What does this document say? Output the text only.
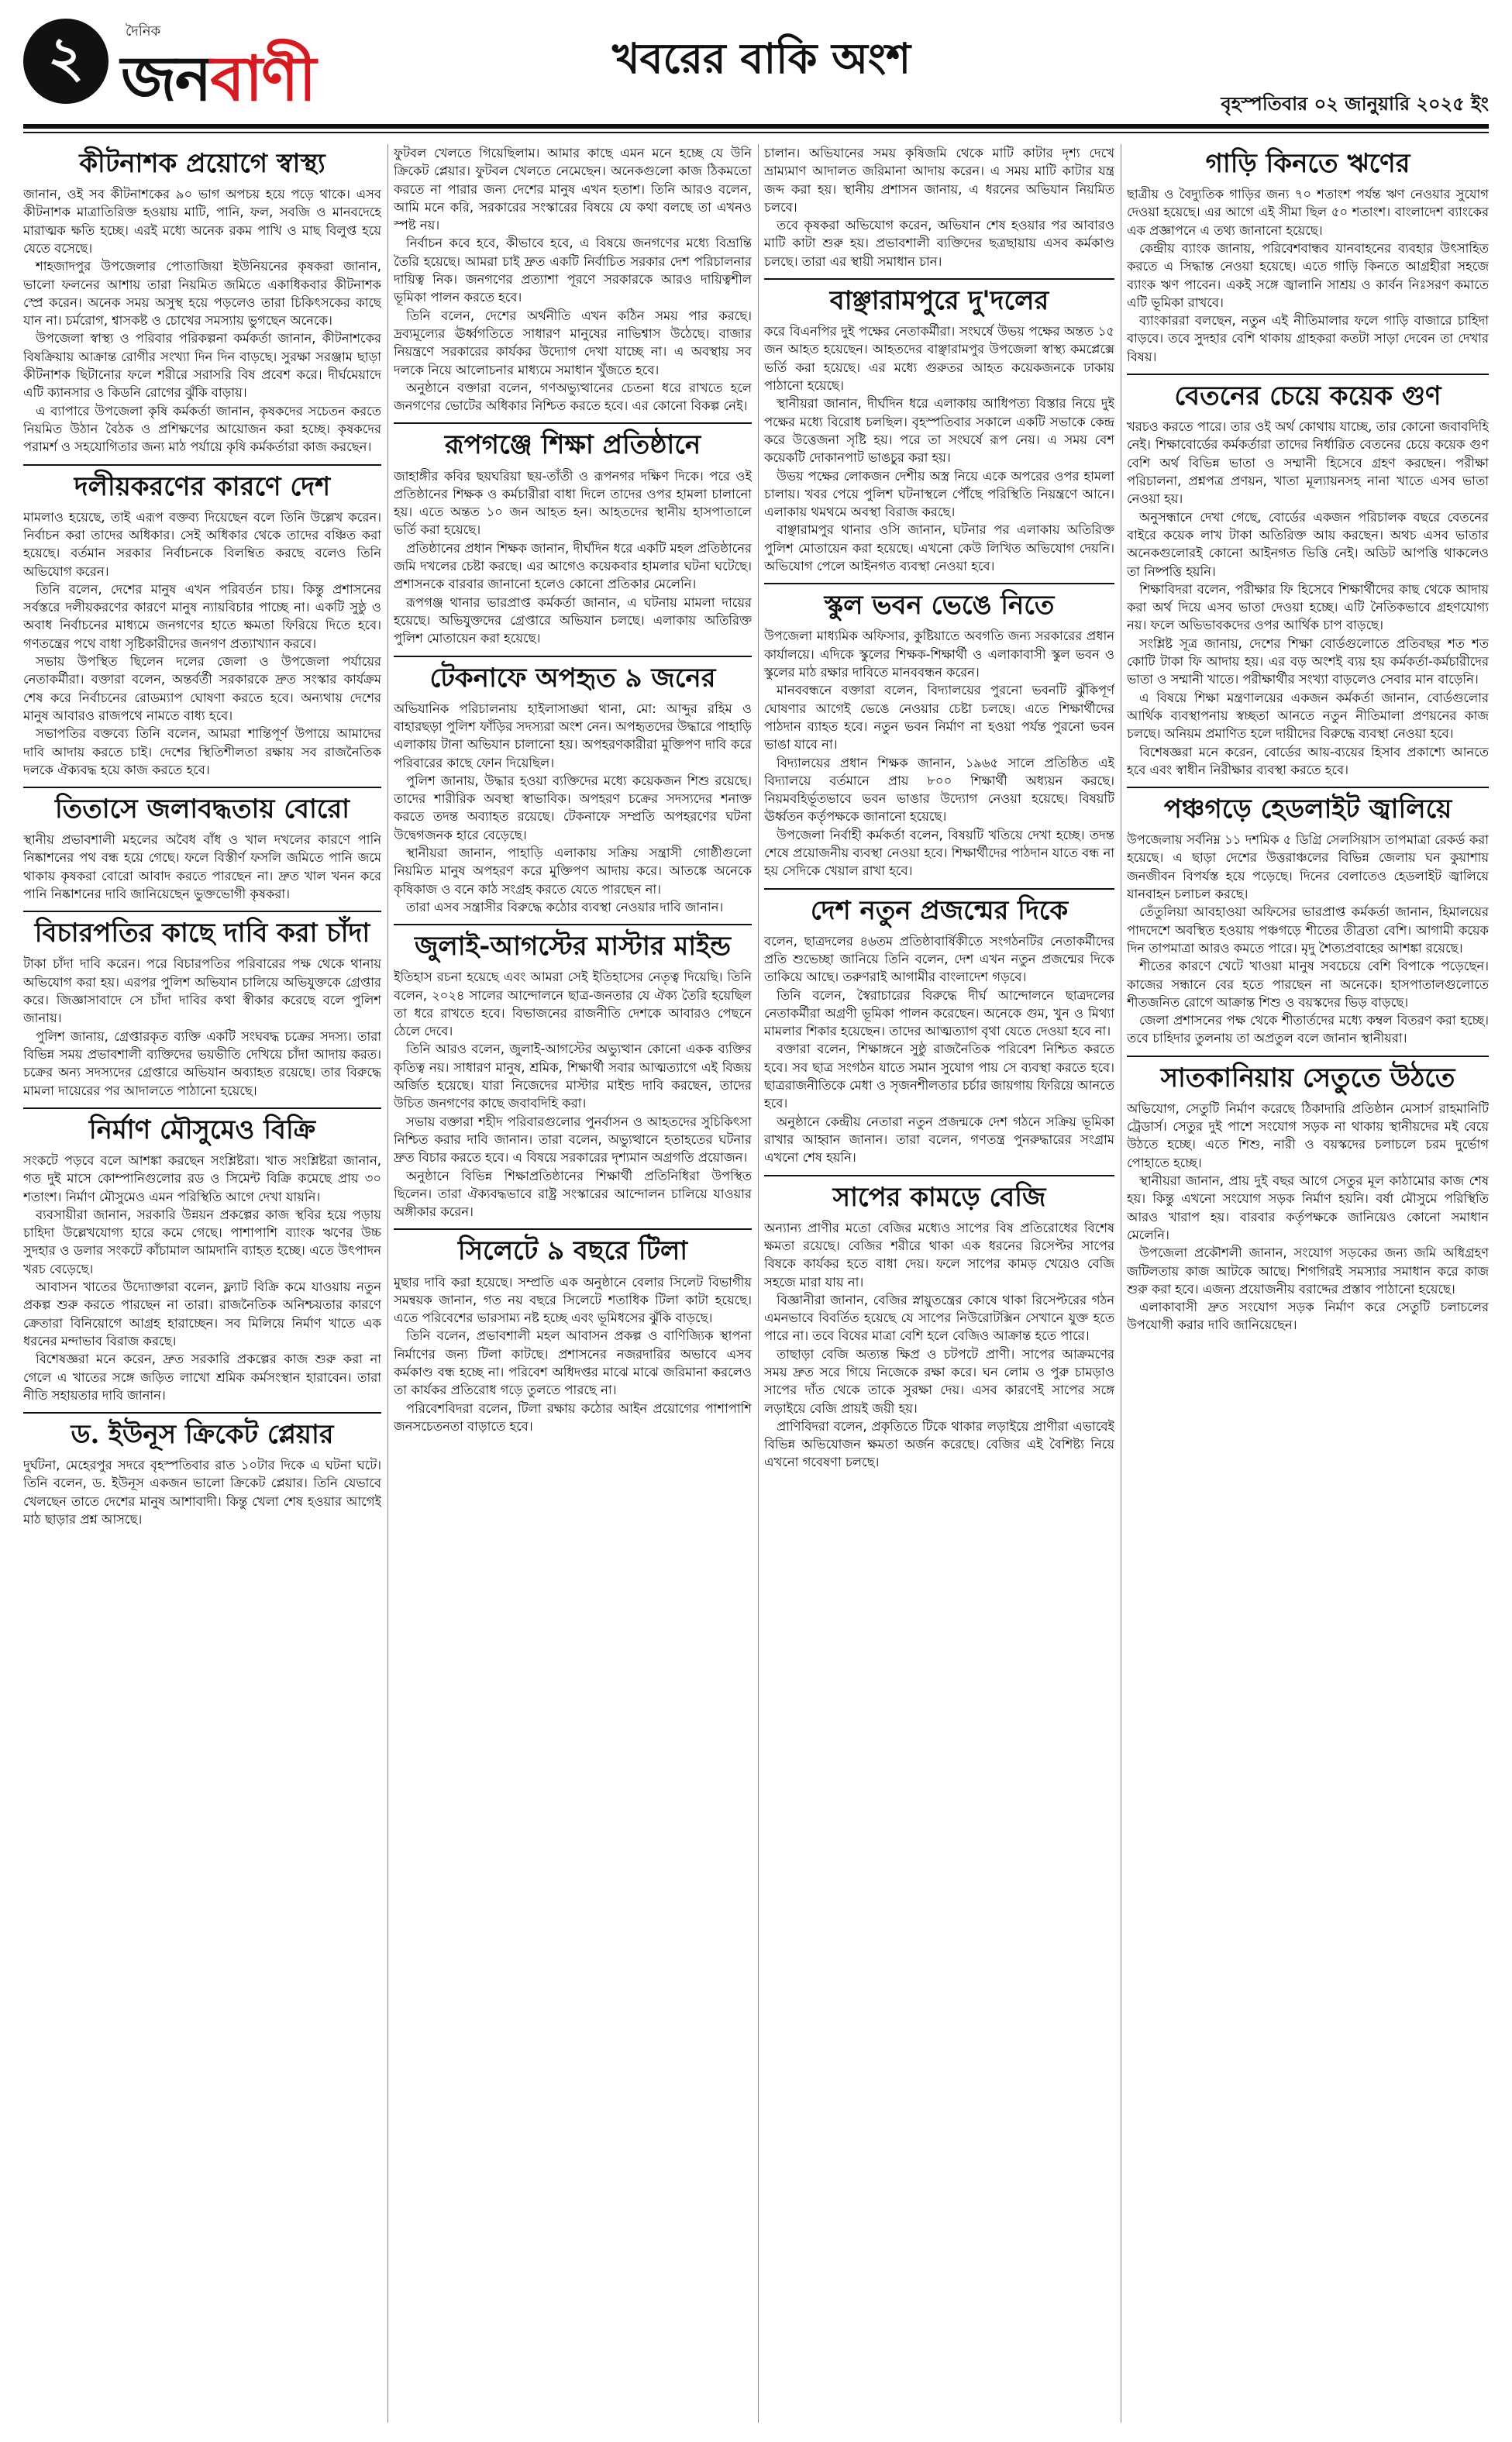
২	দৈনিক
জনবাণী	খবরের বাকি অংশ
বৃহস্পতিবার ০২ জানুয়ারি ২০২৫ ইং
কীটনাশক প্রয়োগে স্বাস্থ্য

জানান, ওই সব কীটনাশকের ৯০ ভাগ অপচয় হয়ে পড়ে থাকে। এসব কীটনাশক মাত্রাতিরিক্ত হওয়ায় মাটি, পানি, ফল, সবজি ও মানবদেহে মারাত্মক ক্ষতি হচ্ছে। এরই মধ্যে অনেক রকম পাখি ও মাছ বিলুপ্ত হয়ে যেতে বসেছে।

শাহজাদপুর উপজেলার পোতাজিয়া ইউনিয়নের কৃষকরা জানান, ভালো ফলনের আশায় তারা নিয়মিত জমিতে একাধিকবার কীটনাশক স্প্রে করেন। অনেক সময় অসুস্থ হয়ে পড়লেও তারা চিকিৎসকের কাছে যান না। চর্মরোগ, শ্বাসকষ্ট ও চোখের সমস্যায় ভুগছেন অনেকে।

উপজেলা স্বাস্থ্য ও পরিবার পরিকল্পনা কর্মকর্তা জানান, কীটনাশকের বিষক্রিয়ায় আক্রান্ত রোগীর সংখ্যা দিন দিন বাড়ছে। সুরক্ষা সরঞ্জাম ছাড়া কীটনাশক ছিটানোর ফলে শরীরে সরাসরি বিষ প্রবেশ করে। দীর্ঘমেয়াদে এটি ক্যানসার ও কিডনি রোগের ঝুঁকি বাড়ায়।

এ ব্যাপারে উপজেলা কৃষি কর্মকর্তা জানান, কৃষকদের সচেতন করতে নিয়মিত উঠান বৈঠক ও প্রশিক্ষণের আয়োজন করা হচ্ছে। কৃষকদের পরামর্শ ও সহযোগিতার জন্য মাঠ পর্যায়ে কৃষি কর্মকর্তারা কাজ করছেন।

দলীয়করণের কারণে দেশ

মামলাও হয়েছে, তাই এরূপ বক্তব্য দিয়েছেন বলে তিনি উল্লেখ করেন। নির্বাচন করা তাদের অধিকার। সেই অধিকার থেকে তাদের বঞ্চিত করা হয়েছে। বর্তমান সরকার নির্বাচনকে বিলম্বিত করছে বলেও তিনি অভিযোগ করেন।

তিনি বলেন, দেশের মানুষ এখন পরিবর্তন চায়। কিন্তু প্রশাসনের সর্বস্তরে দলীয়করণের কারণে মানুষ ন্যায়বিচার পাচ্ছে না। একটি সুষ্ঠু ও অবাধ নির্বাচনের মাধ্যমে জনগণের হাতে ক্ষমতা ফিরিয়ে দিতে হবে। গণতন্ত্রের পথে বাধা সৃষ্টিকারীদের জনগণ প্রত্যাখ্যান করবে।

সভায় উপস্থিত ছিলেন দলের জেলা ও উপজেলা পর্যায়ের নেতাকর্মীরা। বক্তারা বলেন, অন্তর্বর্তী সরকারকে দ্রুত সংস্কার কার্যক্রম শেষ করে নির্বাচনের রোডম্যাপ ঘোষণা করতে হবে। অন্যথায় দেশের মানুষ আবারও রাজপথে নামতে বাধ্য হবে।

সভাপতির বক্তব্যে তিনি বলেন, আমরা শান্তিপূর্ণ উপায়ে আমাদের দাবি আদায় করতে চাই। দেশের স্থিতিশীলতা রক্ষায় সব রাজনৈতিক দলকে ঐক্যবদ্ধ হয়ে কাজ করতে হবে।

তিতাসে জলাবদ্ধতায় বোরো

স্থানীয় প্রভাবশালী মহলের অবৈধ বাঁধ ও খাল দখলের কারণে পানি নিষ্কাশনের পথ বন্ধ হয়ে গেছে। ফলে বিস্তীর্ণ ফসলি জমিতে পানি জমে থাকায় কৃষকরা বোরো আবাদ করতে পারছেন না। দ্রুত খাল খনন করে পানি নিষ্কাশনের দাবি জানিয়েছেন ভুক্তভোগী কৃষকরা।

বিচারপতির কাছে দাবি করা চাঁদা

টাকা চাঁদা দাবি করেন। পরে বিচারপতির পরিবারের পক্ষ থেকে থানায় অভিযোগ করা হয়। এরপর পুলিশ অভিযান চালিয়ে অভিযুক্তকে গ্রেপ্তার করে। জিজ্ঞাসাবাদে সে চাঁদা দাবির কথা স্বীকার করেছে বলে পুলিশ জানায়।

পুলিশ জানায়, গ্রেপ্তারকৃত ব্যক্তি একটি সংঘবদ্ধ চক্রের সদস্য। তারা বিভিন্ন সময় প্রভাবশালী ব্যক্তিদের ভয়ভীতি দেখিয়ে চাঁদা আদায় করত। চক্রের অন্য সদস্যদের গ্রেপ্তারে অভিযান অব্যাহত রয়েছে। তার বিরুদ্ধে মামলা দায়েরের পর আদালতে পাঠানো হয়েছে।

নির্মাণ মৌসুমেও বিক্রি

সংকটে পড়বে বলে আশঙ্কা করছেন সংশ্লিষ্টরা। খাত সংশ্লিষ্টরা জানান, গত দুই মাসে কোম্পানিগুলোর রড ও সিমেন্ট বিক্রি কমেছে প্রায় ৩০ শতাংশ। নির্মাণ মৌসুমেও এমন পরিস্থিতি আগে দেখা যায়নি।

ব্যবসায়ীরা জানান, সরকারি উন্নয়ন প্রকল্পের কাজ স্থবির হয়ে পড়ায় চাহিদা উল্লেখযোগ্য হারে কমে গেছে। পাশাপাশি ব্যাংক ঋণের উচ্চ সুদহার ও ডলার সংকটে কাঁচামাল আমদানি ব্যাহত হচ্ছে। এতে উৎপাদন খরচ বেড়েছে।

আবাসন খাতের উদ্যোক্তারা বলেন, ফ্ল্যাট বিক্রি কমে যাওয়ায় নতুন প্রকল্প শুরু করতে পারছেন না তারা। রাজনৈতিক অনিশ্চয়তার কারণে ক্রেতারা বিনিয়োগে আগ্রহ হারাচ্ছেন। সব মিলিয়ে নির্মাণ খাতে এক ধরনের মন্দাভাব বিরাজ করছে।

বিশেষজ্ঞরা মনে করেন, দ্রুত সরকারি প্রকল্পের কাজ শুরু করা না গেলে এ খাতের সঙ্গে জড়িত লাখো শ্রমিক কর্মসংস্থান হারাবেন। তারা নীতি সহায়তার দাবি জানান।

ড. ইউনূস ক্রিকেট প্লেয়ার

দুর্ঘটনা, মেহেরপুর সদরে বৃহস্পতিবার রাত ১০টার দিকে এ ঘটনা ঘটে। তিনি বলেন, ড. ইউনূস একজন ভালো ক্রিকেট প্লেয়ার। তিনি যেভাবে খেলছেন তাতে দেশের মানুষ আশাবাদী। কিন্তু খেলা শেষ হওয়ার আগেই মাঠ ছাড়ার প্রশ্ন আসছে।

ফুটবল খেলতে গিয়েছিলাম। আমার কাছে এমন মনে হচ্ছে যে উনি ক্রিকেট প্লেয়ার। ফুটবল খেলতে নেমেছেন। অনেকগুলো কাজ ঠিকমতো করতে না পারার জন্য দেশের মানুষ এখন হতাশ। তিনি আরও বলেন, আমি মনে করি, সরকারের সংস্কারের বিষয়ে যে কথা বলছে তা এখনও স্পষ্ট নয়।

নির্বাচন কবে হবে, কীভাবে হবে, এ বিষয়ে জনগণের মধ্যে বিভ্রান্তি তৈরি হয়েছে। আমরা চাই দ্রুত একটি নির্বাচিত সরকার দেশ পরিচালনার দায়িত্ব নিক। জনগণের প্রত্যাশা পূরণে সরকারকে আরও দায়িত্বশীল ভূমিকা পালন করতে হবে।

তিনি বলেন, দেশের অর্থনীতি এখন কঠিন সময় পার করছে। দ্রব্যমূল্যের ঊর্ধ্বগতিতে সাধারণ মানুষের নাভিশ্বাস উঠেছে। বাজার নিয়ন্ত্রণে সরকারের কার্যকর উদ্যোগ দেখা যাচ্ছে না। এ অবস্থায় সব দলকে নিয়ে আলোচনার মাধ্যমে সমাধান খুঁজতে হবে।

অনুষ্ঠানে বক্তারা বলেন, গণঅভ্যুত্থানের চেতনা ধরে রাখতে হলে জনগণের ভোটের অধিকার নিশ্চিত করতে হবে। এর কোনো বিকল্প নেই।

রূপগঞ্জে শিক্ষা প্রতিষ্ঠানে

জাহাঙ্গীর কবির ছয়ঘরিয়া ছয়-তাঁতী ও রূপনগর দক্ষিণ দিকে। পরে ওই প্রতিষ্ঠানের শিক্ষক ও কর্মচারীরা বাধা দিলে তাদের ওপর হামলা চালানো হয়। এতে অন্তত ১০ জন আহত হন। আহতদের স্থানীয় হাসপাতালে ভর্তি করা হয়েছে।

প্রতিষ্ঠানের প্রধান শিক্ষক জানান, দীর্ঘদিন ধরে একটি মহল প্রতিষ্ঠানের জমি দখলের চেষ্টা করছে। এর আগেও কয়েকবার হামলার ঘটনা ঘটেছে। প্রশাসনকে বারবার জানানো হলেও কোনো প্রতিকার মেলেনি।

রূপগঞ্জ থানার ভারপ্রাপ্ত কর্মকর্তা জানান, এ ঘটনায় মামলা দায়ের হয়েছে। অভিযুক্তদের গ্রেপ্তারে অভিযান চলছে। এলাকায় অতিরিক্ত পুলিশ মোতায়েন করা হয়েছে।

টেকনাফে অপহৃত ৯ জনের

অভিযানিক পরিচালনায় হাইলাসাঙ্ঘা থানা, মো: আব্দুর রহিম ও বাহারছড়া পুলিশ ফাঁড়ির সদস্যরা অংশ নেন। অপহৃতদের উদ্ধারে পাহাড়ি এলাকায় টানা অভিযান চালানো হয়। অপহরণকারীরা মুক্তিপণ দাবি করে পরিবারের কাছে ফোন দিয়েছিল।

পুলিশ জানায়, উদ্ধার হওয়া ব্যক্তিদের মধ্যে কয়েকজন শিশু রয়েছে। তাদের শারীরিক অবস্থা স্বাভাবিক। অপহরণ চক্রের সদস্যদের শনাক্ত করতে তদন্ত অব্যাহত রয়েছে। টেকনাফে সম্প্রতি অপহরণের ঘটনা উদ্বেগজনক হারে বেড়েছে।

স্থানীয়রা জানান, পাহাড়ি এলাকায় সক্রিয় সন্ত্রাসী গোষ্ঠীগুলো নিয়মিত মানুষ অপহরণ করে মুক্তিপণ আদায় করে। আতঙ্কে অনেকে কৃষিকাজ ও বনে কাঠ সংগ্রহ করতে যেতে পারছেন না।

তারা এসব সন্ত্রাসীর বিরুদ্ধে কঠোর ব্যবস্থা নেওয়ার দাবি জানান।

জুলাই-আগস্টের মাস্টার মাইন্ড

ইতিহাস রচনা হয়েছে এবং আমরা সেই ইতিহাসের নেতৃত্ব দিয়েছি। তিনি বলেন, ২০২৪ সালের আন্দোলনে ছাত্র-জনতার যে ঐক্য তৈরি হয়েছিল তা ধরে রাখতে হবে। বিভাজনের রাজনীতি দেশকে আবারও পেছনে ঠেলে দেবে।

তিনি আরও বলেন, জুলাই-আগস্টের অভ্যুত্থান কোনো একক ব্যক্তির কৃতিত্ব নয়। সাধারণ মানুষ, শ্রমিক, শিক্ষার্থী সবার আত্মত্যাগে এই বিজয় অর্জিত হয়েছে। যারা নিজেদের মাস্টার মাইন্ড দাবি করছেন, তাদের উচিত জনগণের কাছে জবাবদিহি করা।

সভায় বক্তারা শহীদ পরিবারগুলোর পুনর্বাসন ও আহতদের সুচিকিৎসা নিশ্চিত করার দাবি জানান। তারা বলেন, অভ্যুত্থানে হতাহতের ঘটনার দ্রুত বিচার করতে হবে। এ বিষয়ে সরকারের দৃশ্যমান অগ্রগতি প্রয়োজন।

অনুষ্ঠানে বিভিন্ন শিক্ষাপ্রতিষ্ঠানের শিক্ষার্থী প্রতিনিধিরা উপস্থিত ছিলেন। তারা ঐক্যবদ্ধভাবে রাষ্ট্র সংস্কারের আন্দোলন চালিয়ে যাওয়ার অঙ্গীকার করেন।

সিলেটে ৯ বছরে টিলা

মুছার দাবি করা হয়েছে। সম্প্রতি এক অনুষ্ঠানে বেলার সিলেট বিভাগীয় সমন্বয়ক জানান, গত নয় বছরে সিলেটে শতাধিক টিলা কাটা হয়েছে। এতে পরিবেশের ভারসাম্য নষ্ট হচ্ছে এবং ভূমিধসের ঝুঁকি বাড়ছে।

তিনি বলেন, প্রভাবশালী মহল আবাসন প্রকল্প ও বাণিজ্যিক স্থাপনা নির্মাণের জন্য টিলা কাটছে। প্রশাসনের নজরদারির অভাবে এসব কর্মকাণ্ড বন্ধ হচ্ছে না। পরিবেশ অধিদপ্তর মাঝে মাঝে জরিমানা করলেও তা কার্যকর প্রতিরোধ গড়ে তুলতে পারছে না।

পরিবেশবিদরা বলেন, টিলা রক্ষায় কঠোর আইন প্রয়োগের পাশাপাশি জনসচেতনতা বাড়াতে হবে।

চালান। অভিযানের সময় কৃষিজমি থেকে মাটি কাটার দৃশ্য দেখে ভ্রাম্যমাণ আদালত জরিমানা আদায় করেন। এ সময় মাটি কাটার যন্ত্র জব্দ করা হয়। স্থানীয় প্রশাসন জানায়, এ ধরনের অভিযান নিয়মিত চলবে।

তবে কৃষকরা অভিযোগ করেন, অভিযান শেষ হওয়ার পর আবারও মাটি কাটা শুরু হয়। প্রভাবশালী ব্যক্তিদের ছত্রছায়ায় এসব কর্মকাণ্ড চলছে। তারা এর স্থায়ী সমাধান চান।

বাঞ্ছারামপুরে দু'দলের

করে বিএনপির দুই পক্ষের নেতাকর্মীরা। সংঘর্ষে উভয় পক্ষের অন্তত ১৫ জন আহত হয়েছেন। আহতদের বাঞ্ছারামপুর উপজেলা স্বাস্থ্য কমপ্লেক্সে ভর্তি করা হয়েছে। এর মধ্যে গুরুতর আহত কয়েকজনকে ঢাকায় পাঠানো হয়েছে।

স্থানীয়রা জানান, দীর্ঘদিন ধরে এলাকায় আধিপত্য বিস্তার নিয়ে দুই পক্ষের মধ্যে বিরোধ চলছিল। বৃহস্পতিবার সকালে একটি সভাকে কেন্দ্র করে উত্তেজনা সৃষ্টি হয়। পরে তা সংঘর্ষে রূপ নেয়। এ সময় বেশ কয়েকটি দোকানপাট ভাঙচুর করা হয়।

উভয় পক্ষের লোকজন দেশীয় অস্ত্র নিয়ে একে অপরের ওপর হামলা চালায়। খবর পেয়ে পুলিশ ঘটনাস্থলে পৌঁছে পরিস্থিতি নিয়ন্ত্রণে আনে। এলাকায় থমথমে অবস্থা বিরাজ করছে।

বাঞ্ছারামপুর থানার ওসি জানান, ঘটনার পর এলাকায় অতিরিক্ত পুলিশ মোতায়েন করা হয়েছে। এখনো কেউ লিখিত অভিযোগ দেয়নি। অভিযোগ পেলে আইনগত ব্যবস্থা নেওয়া হবে।

স্কুল ভবন ভেঙে নিতে

উপজেলা মাধ্যমিক অফিসার, কুষ্টিয়াতে অবগতি জন্য সরকারের প্রধান কার্যালয়ে। এদিকে স্কুলের শিক্ষক-শিক্ষার্থী ও এলাকাবাসী স্কুল ভবন ও স্কুলের মাঠ রক্ষার দাবিতে মানববন্ধন করেন।

মানববন্ধনে বক্তারা বলেন, বিদ্যালয়ের পুরনো ভবনটি ঝুঁকিপূর্ণ ঘোষণার আগেই ভেঙে নেওয়ার চেষ্টা চলছে। এতে শিক্ষার্থীদের পাঠদান ব্যাহত হবে। নতুন ভবন নির্মাণ না হওয়া পর্যন্ত পুরনো ভবন ভাঙা যাবে না।

বিদ্যালয়ের প্রধান শিক্ষক জানান, ১৯৬৫ সালে প্রতিষ্ঠিত এই বিদ্যালয়ে বর্তমানে প্রায় ৮০০ শিক্ষার্থী অধ্যয়ন করছে। নিয়মবহির্ভূতভাবে ভবন ভাঙার উদ্যোগ নেওয়া হয়েছে। বিষয়টি ঊর্ধ্বতন কর্তৃপক্ষকে জানানো হয়েছে।

উপজেলা নির্বাহী কর্মকর্তা বলেন, বিষয়টি খতিয়ে দেখা হচ্ছে। তদন্ত শেষে প্রয়োজনীয় ব্যবস্থা নেওয়া হবে। শিক্ষার্থীদের পাঠদান যাতে বন্ধ না হয় সেদিকে খেয়াল রাখা হবে।

দেশ নতুন প্রজন্মের দিকে

বলেন, ছাত্রদলের ৪৬তম প্রতিষ্ঠাবার্ষিকীতে সংগঠনটির নেতাকর্মীদের প্রতি শুভেচ্ছা জানিয়ে তিনি বলেন, দেশ এখন নতুন প্রজন্মের দিকে তাকিয়ে আছে। তরুণরাই আগামীর বাংলাদেশ গড়বে।

তিনি বলেন, স্বৈরাচারের বিরুদ্ধে দীর্ঘ আন্দোলনে ছাত্রদলের নেতাকর্মীরা অগ্রণী ভূমিকা পালন করেছেন। অনেকে গুম, খুন ও মিথ্যা মামলার শিকার হয়েছেন। তাদের আত্মত্যাগ বৃথা যেতে দেওয়া হবে না।

বক্তারা বলেন, শিক্ষাঙ্গনে সুষ্ঠু রাজনৈতিক পরিবেশ নিশ্চিত করতে হবে। সব ছাত্র সংগঠন যাতে সমান সুযোগ পায় সে ব্যবস্থা করতে হবে। ছাত্ররাজনীতিকে মেধা ও সৃজনশীলতার চর্চার জায়গায় ফিরিয়ে আনতে হবে।

অনুষ্ঠানে কেন্দ্রীয় নেতারা নতুন প্রজন্মকে দেশ গঠনে সক্রিয় ভূমিকা রাখার আহ্বান জানান। তারা বলেন, গণতন্ত্র পুনরুদ্ধারের সংগ্রাম এখনো শেষ হয়নি।

সাপের কামড়ে বেজি

অন্যান্য প্রাণীর মতো বেজির মধ্যেও সাপের বিষ প্রতিরোধের বিশেষ ক্ষমতা রয়েছে। বেজির শরীরে থাকা এক ধরনের রিসেপ্টর সাপের বিষকে কার্যকর হতে বাধা দেয়। ফলে সাপের কামড় খেয়েও বেজি সহজে মারা যায় না।

বিজ্ঞানীরা জানান, বেজির স্নায়ুতন্ত্রের কোষে থাকা রিসেপ্টরের গঠন এমনভাবে বিবর্তিত হয়েছে যে সাপের নিউরোটক্সিন সেখানে যুক্ত হতে পারে না। তবে বিষের মাত্রা বেশি হলে বেজিও আক্রান্ত হতে পারে।

তাছাড়া বেজি অত্যন্ত ক্ষিপ্র ও চটপটে প্রাণী। সাপের আক্রমণের সময় দ্রুত সরে গিয়ে নিজেকে রক্ষা করে। ঘন লোম ও পুরু চামড়াও সাপের দাঁত থেকে তাকে সুরক্ষা দেয়। এসব কারণেই সাপের সঙ্গে লড়াইয়ে বেজি প্রায়ই জয়ী হয়।

প্রাণিবিদরা বলেন, প্রকৃতিতে টিকে থাকার লড়াইয়ে প্রাণীরা এভাবেই বিভিন্ন অভিযোজন ক্ষমতা অর্জন করেছে। বেজির এই বৈশিষ্ট্য নিয়ে এখনো গবেষণা চলছে।

গাড়ি কিনতে ঋণের

ছাত্রীয় ও বৈদ্যুতিক গাড়ির জন্য ৭০ শতাংশ পর্যন্ত ঋণ নেওয়ার সুযোগ দেওয়া হয়েছে। এর আগে এই সীমা ছিল ৫০ শতাংশ। বাংলাদেশ ব্যাংকের এক প্রজ্ঞাপনে এ তথ্য জানানো হয়েছে।

কেন্দ্রীয় ব্যাংক জানায়, পরিবেশবান্ধব যানবাহনের ব্যবহার উৎসাহিত করতে এ সিদ্ধান্ত নেওয়া হয়েছে। এতে গাড়ি কিনতে আগ্রহীরা সহজে ব্যাংক ঋণ পাবেন। একই সঙ্গে জ্বালানি সাশ্রয় ও কার্বন নিঃসরণ কমাতে এটি ভূমিকা রাখবে।

ব্যাংকাররা বলছেন, নতুন এই নীতিমালার ফলে গাড়ি বাজারে চাহিদা বাড়বে। তবে সুদহার বেশি থাকায় গ্রাহকরা কতটা সাড়া দেবেন তা দেখার বিষয়।

বেতনের চেয়ে কয়েক গুণ

খরচও করতে পারে। তার ওই অর্থ কোথায় যাচ্ছে, তার কোনো জবাবদিহি নেই। শিক্ষাবোর্ডের কর্মকর্তারা তাদের নির্ধারিত বেতনের চেয়ে কয়েক গুণ বেশি অর্থ বিভিন্ন ভাতা ও সম্মানী হিসেবে গ্রহণ করছেন। পরীক্ষা পরিচালনা, প্রশ্নপত্র প্রণয়ন, খাতা মূল্যায়নসহ নানা খাতে এসব ভাতা নেওয়া হয়।

অনুসন্ধানে দেখা গেছে, বোর্ডের একজন পরিচালক বছরে বেতনের বাইরে কয়েক লাখ টাকা অতিরিক্ত আয় করছেন। অথচ এসব ভাতার অনেকগুলোরই কোনো আইনগত ভিত্তি নেই। অডিট আপত্তি থাকলেও তা নিষ্পত্তি হয়নি।

শিক্ষাবিদরা বলেন, পরীক্ষার ফি হিসেবে শিক্ষার্থীদের কাছ থেকে আদায় করা অর্থ দিয়ে এসব ভাতা দেওয়া হচ্ছে। এটি নৈতিকভাবে গ্রহণযোগ্য নয়। ফলে অভিভাবকদের ওপর আর্থিক চাপ বাড়ছে।

সংশ্লিষ্ট সূত্র জানায়, দেশের শিক্ষা বোর্ডগুলোতে প্রতিবছর শত শত কোটি টাকা ফি আদায় হয়। এর বড় অংশই ব্যয় হয় কর্মকর্তা-কর্মচারীদের ভাতা ও সম্মানী খাতে। পরীক্ষার্থীর সংখ্যা বাড়লেও সেবার মান বাড়েনি।

এ বিষয়ে শিক্ষা মন্ত্রণালয়ের একজন কর্মকর্তা জানান, বোর্ডগুলোর আর্থিক ব্যবস্থাপনায় স্বচ্ছতা আনতে নতুন নীতিমালা প্রণয়নের কাজ চলছে। অনিয়ম প্রমাণিত হলে দায়ীদের বিরুদ্ধে ব্যবস্থা নেওয়া হবে।

বিশেষজ্ঞরা মনে করেন, বোর্ডের আয়-ব্যয়ের হিসাব প্রকাশ্যে আনতে হবে এবং স্বাধীন নিরীক্ষার ব্যবস্থা করতে হবে।

পঞ্চগড়ে হেডলাইট জ্বালিয়ে

উপজেলায় সর্বনিম্ন ১১ দশমিক ৫ ডিগ্রি সেলসিয়াস তাপমাত্রা রেকর্ড করা হয়েছে। এ ছাড়া দেশের উত্তরাঞ্চলের বিভিন্ন জেলায় ঘন কুয়াশায় জনজীবন বিপর্যস্ত হয়ে পড়েছে। দিনের বেলাতেও হেডলাইট জ্বালিয়ে যানবাহন চলাচল করছে।

তেঁতুলিয়া আবহাওয়া অফিসের ভারপ্রাপ্ত কর্মকর্তা জানান, হিমালয়ের পাদদেশে অবস্থিত হওয়ায় পঞ্চগড়ে শীতের তীব্রতা বেশি। আগামী কয়েক দিন তাপমাত্রা আরও কমতে পারে। মৃদু শৈত্যপ্রবাহের আশঙ্কা রয়েছে।

শীতের কারণে খেটে খাওয়া মানুষ সবচেয়ে বেশি বিপাকে পড়েছেন। কাজের সন্ধানে বের হতে পারছেন না অনেকে। হাসপাতালগুলোতে শীতজনিত রোগে আক্রান্ত শিশু ও বয়স্কদের ভিড় বাড়ছে।

জেলা প্রশাসনের পক্ষ থেকে শীতার্তদের মধ্যে কম্বল বিতরণ করা হচ্ছে। তবে চাহিদার তুলনায় তা অপ্রতুল বলে জানান স্থানীয়রা।

সাতকানিয়ায় সেতুতে উঠতে

অভিযোগ, সেতুটি নির্মাণ করেছে ঠিকাদারি প্রতিষ্ঠান মেসার্স রাহমানিটি ট্রেডার্স। সেতুর দুই পাশে সংযোগ সড়ক না থাকায় স্থানীয়দের মই বেয়ে উঠতে হচ্ছে। এতে শিশু, নারী ও বয়স্কদের চলাচলে চরম দুর্ভোগ পোহাতে হচ্ছে।

স্থানীয়রা জানান, প্রায় দুই বছর আগে সেতুর মূল কাঠামোর কাজ শেষ হয়। কিন্তু এখনো সংযোগ সড়ক নির্মাণ হয়নি। বর্ষা মৌসুমে পরিস্থিতি আরও খারাপ হয়। বারবার কর্তৃপক্ষকে জানিয়েও কোনো সমাধান মেলেনি।

উপজেলা প্রকৌশলী জানান, সংযোগ সড়কের জন্য জমি অধিগ্রহণ জটিলতায় কাজ আটকে আছে। শিগগিরই সমস্যার সমাধান করে কাজ শুরু করা হবে। এজন্য প্রয়োজনীয় বরাদ্দের প্রস্তাব পাঠানো হয়েছে।

এলাকাবাসী দ্রুত সংযোগ সড়ক নির্মাণ করে সেতুটি চলাচলের উপযোগী করার দাবি জানিয়েছেন।
